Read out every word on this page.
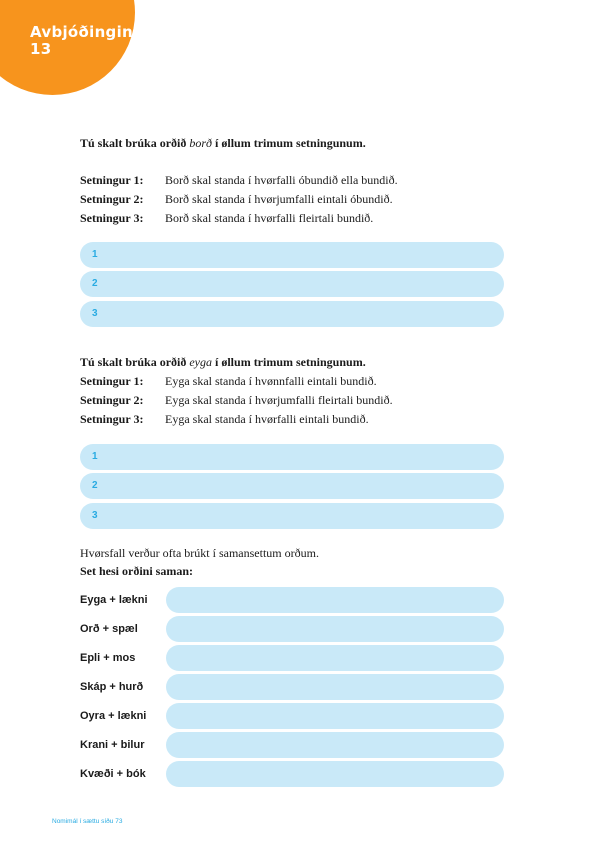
Avbjóðingin
13
Tú skalt brúka orðið borð í øllum trimum setningunum.
Setningur 1: Borð skal standa í hvørfalli óbundið ella bundið.
Setningur 2: Borð skal standa í hvørjumfalli eintali óbundið.
Setningur 3: Borð skal standa í hvørfalli fleirtali bundið.
1
2
3
Tú skalt brúka orðið eyga í øllum trimum setningunum.
Setningur 1: Eyga skal standa í hvønnfalli eintali bundið.
Setningur 2: Eyga skal standa í hvørjumfalli fleirtali bundið.
Setningur 3: Eyga skal standa í hvørfalli eintali bundið.
1
2
3
Hvørsfall verður ofta brúkt í samansettum orðum.
Set hesi orðini saman:
Eyga + lækni
Orð + spæl
Epli + mos
Skáp + hurð
Oyra + lækni
Krani + bilur
Kvæði + bók
Nomimál í sættu síðu 73
